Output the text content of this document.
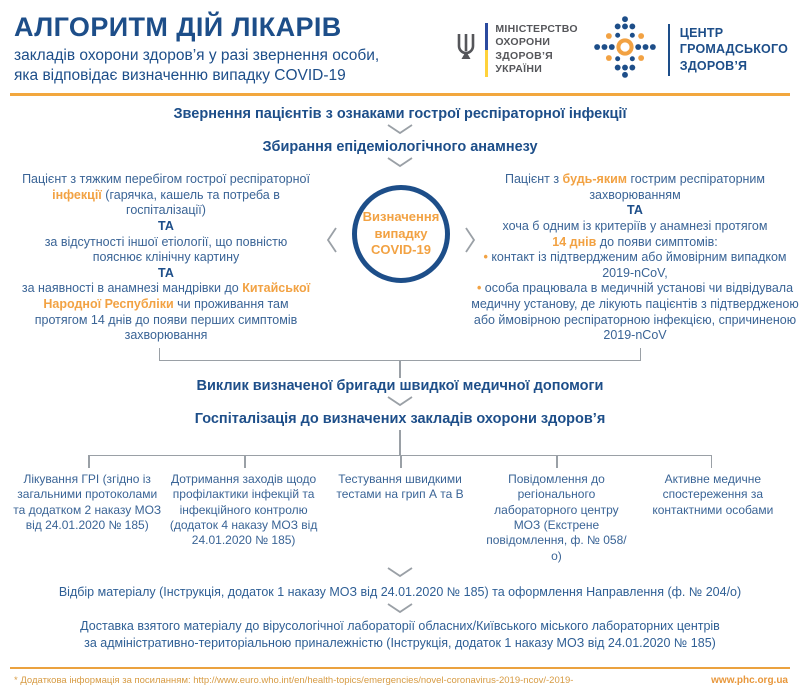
АЛГОРИТМ ДІЙ ЛІКАРІВ
закладів охорони здоров’я у разі звернення особи,
яка відповідає визначенню випадку COVID-19
МІНІСТЕРСТВО
ОХОРОНИ
ЗДОРОВ’Я
УКРАЇНИ
ЦЕНТР
ГРОМАДСЬКОГО
ЗДОРОВ’Я
Звернення пацієнтів з ознаками гострої респіраторної інфекції
Збирання епідеміологічного анамнезу
Пацієнт з тяжким перебігом гострої респіраторної інфекції (гарячка, кашель та потреба в госпіталізації)
ТА
за відсутності іншої етіології, що повністю пояснює клінічну картину
ТА
за наявності в анамнезі мандрівки до Китайської Народної Республіки чи проживання там протягом 14 днів до появи перших симптомів захворювання
Визначення випадку COVID-19
Пацієнт з будь-яким гострим респіраторним захворюванням
ТА
хоча б одним із критеріїв у анамнезі протягом
14 днів до появи симптомів:
• контакт із підтвердженим або ймовірним випадком 2019-nCoV,
• особа працювала в медичній установі чи відвідувала медичну установу, де лікують пацієнтів з підтвердженою або ймовірною респіраторною інфекцією, спричиненою 2019-nCoV
Виклик визначеної бригади швидкої медичної допомоги
Госпіталізація до визначених закладів охорони здоров’я
Лікування ГРІ (згідно із загальними протоколами та додатком 2 наказу МОЗ від 24.01.2020 № 185)
Дотримання заходів щодо профілактики інфекцій та інфекційного контролю (додаток 4 наказу МОЗ від 24.01.2020 № 185)
Тестування швидкими тестами на грип А та В
Повідомлення до регіонального лабораторного центру МОЗ (Екстрене повідомлення, ф. № 058/о)
Активне медичне спостереження за контактними особами
Відбір матеріалу (Інструкція, додаток 1 наказу МОЗ від 24.01.2020 № 185) та оформлення Направлення (ф. № 204/о)
Доставка взятого матеріалу до вірусологічної лабораторії обласних/Київського міського лабораторних центрів
за адміністративно-територіальною приналежністю (Інструкція, додаток 1 наказу МОЗ від 24.01.2020 № 185)
* Додаткова інформація за посиланням: http://www.euro.who.int/en/health-topics/emergencies/novel-coronavirus-2019-ncov/-2019-	www.phc.org.ua
